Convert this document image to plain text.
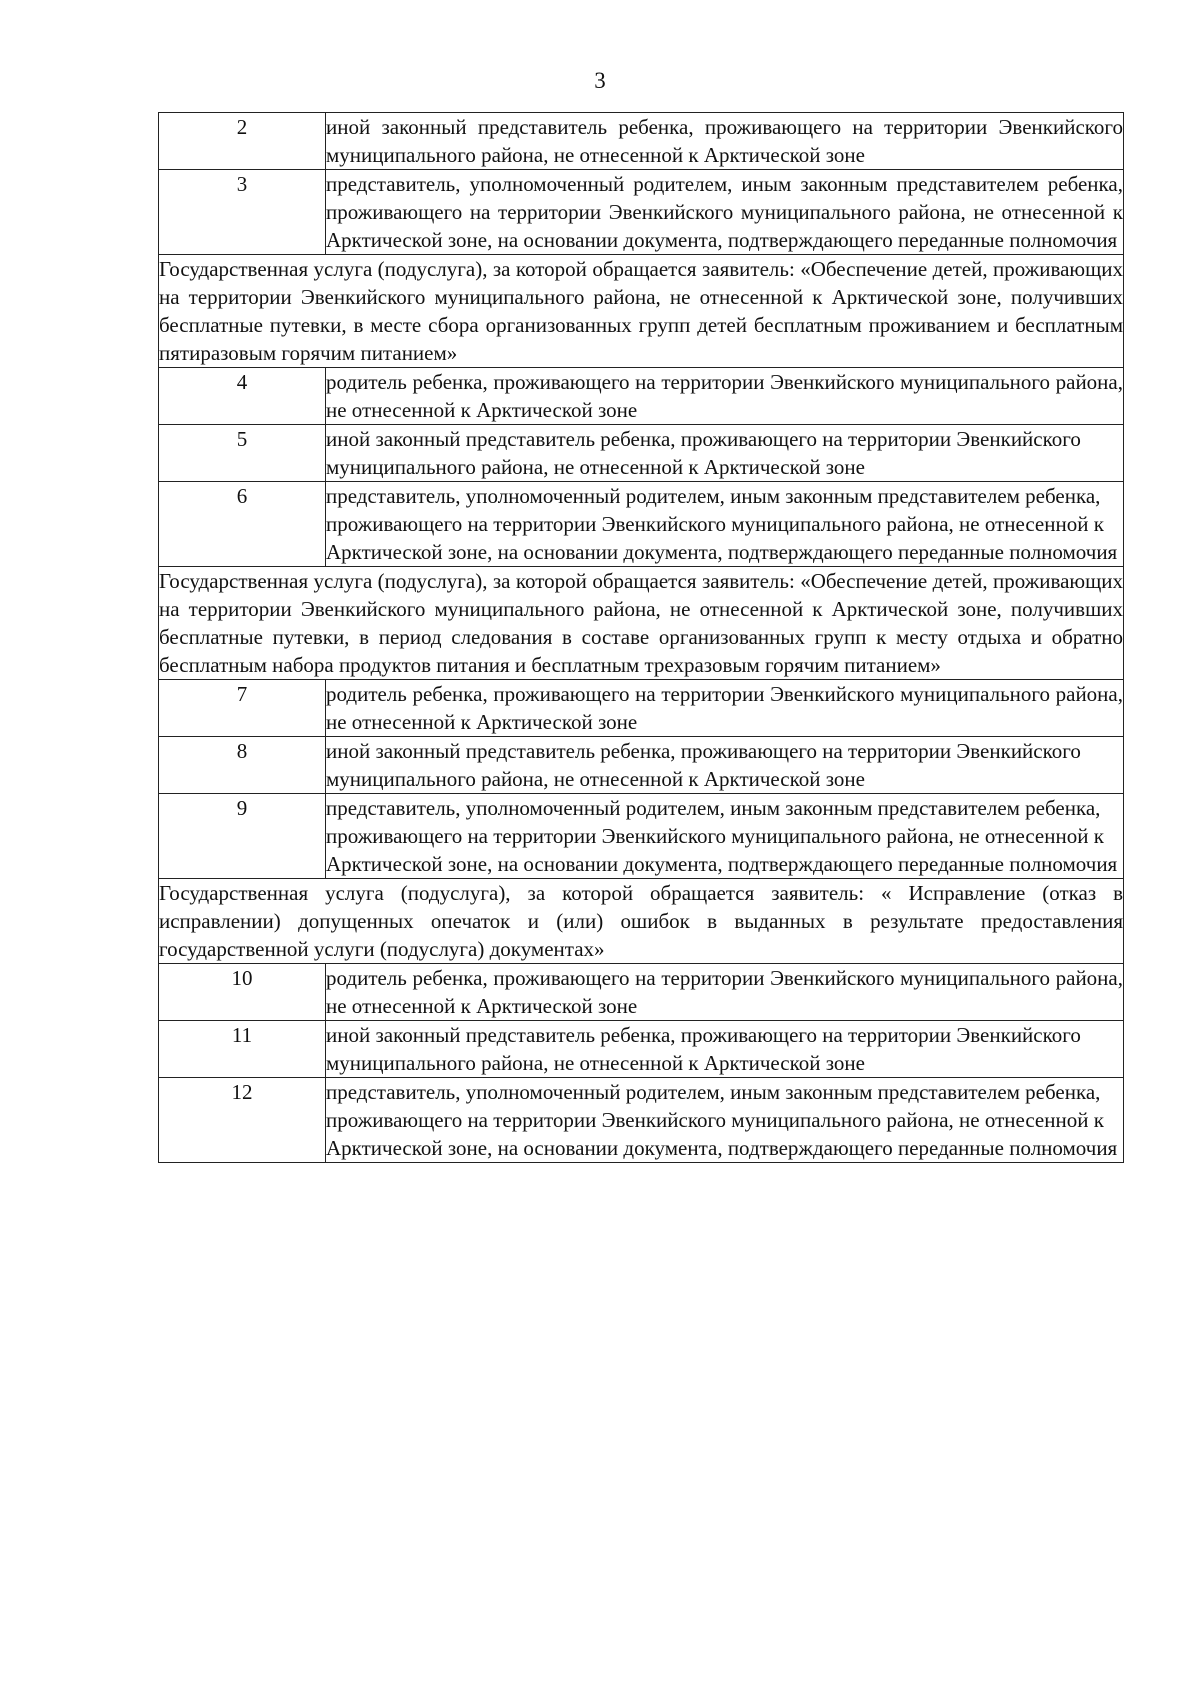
3
2	иной законный представитель ребенка, проживающего на территории Эвенкийского муниципального района, не отнесенной к Арктической зоне
3	представитель, уполномоченный родителем, иным законным представителем ребенка, проживающего на территории Эвенкийского муниципального района, не отнесенной к Арктической зоне, на основании документа, подтверждающего переданные полномочия
Государственная услуга (подуслуга), за которой обращается заявитель: «Обеспечение детей, проживающих на территории Эвенкийского муниципального района, не отнесенной к Арктической зоне, получивших бесплатные путевки, в месте сбора организованных групп детей бесплатным проживанием и бесплатным пятиразовым горячим питанием»	
4	родитель ребенка, проживающего на территории Эвенкийского муниципального района, не отнесенной к Арктической зоне
5	иной законный представитель ребенка, проживающего на территории Эвенкийского муниципального района, не отнесенной к Арктической зоне
6	представитель, уполномоченный родителем, иным законным представителем ребенка, проживающего на территории Эвенкийского муниципального района, не отнесенной к Арктической зоне, на основании документа, подтверждающего переданные полномочия
Государственная услуга (подуслуга), за которой обращается заявитель: «Обеспечение детей, проживающих на территории Эвенкийского муниципального района, не отнесенной к Арктической зоне, получивших бесплатные путевки, в период следования в составе организованных групп к месту отдыха и обратно бесплатным набора продуктов питания и бесплатным трехразовым горячим питанием»	
7	родитель ребенка, проживающего на территории Эвенкийского муниципального района, не отнесенной к Арктической зоне
8	иной законный представитель ребенка, проживающего на территории Эвенкийского муниципального района, не отнесенной к Арктической зоне
9	представитель, уполномоченный родителем, иным законным представителем ребенка, проживающего на территории Эвенкийского муниципального района, не отнесенной к Арктической зоне, на основании документа, подтверждающего переданные полномочия
Государственная услуга (подуслуга), за которой обращается заявитель: « Исправление (отказ в исправлении) допущенных опечаток и (или) ошибок в выданных в результате предоставления государственной услуги (подуслуга) документах»	
10	родитель ребенка, проживающего на территории Эвенкийского муниципального района, не отнесенной к Арктической зоне
11	иной законный представитель ребенка, проживающего на территории Эвенкийского муниципального района, не отнесенной к Арктической зоне
12	представитель, уполномоченный родителем, иным законным представителем ребенка, проживающего на территории Эвенкийского муниципального района, не отнесенной к Арктической зоне, на основании документа, подтверждающего переданные полномочия
